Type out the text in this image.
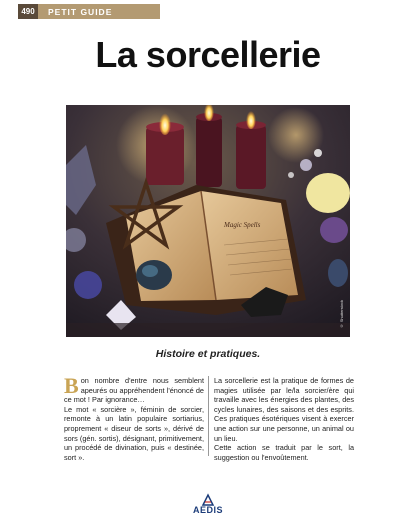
490	PETIT GUIDE
La sorcellerie
Magic Spells
© Shutterstock
Histoire et pratiques.

Bon nombre d'entre nous semblent apeurés ou appréhendent l'énoncé de ce mot ! Par ignorance…

Le mot « sorcière », féminin de sorcier, remonte à un latin populaire sortiarius, proprement « diseur de sorts », dérivé de sors (gén. sortis), désignant, primitivement, un procédé de divination, puis « destinée, sort ».

La sorcellerie est la pratique de formes de magies utilisée par le/la sorcier/ère qui travaille avec les énergies des plantes, des cycles lunaires, des saisons et des esprits. Ces pratiques ésotériques visent à exercer une action sur une personne, un animal ou un lieu.

Cette action se traduit par le sort, la suggestion ou l'envoûtement.

AEDIS
